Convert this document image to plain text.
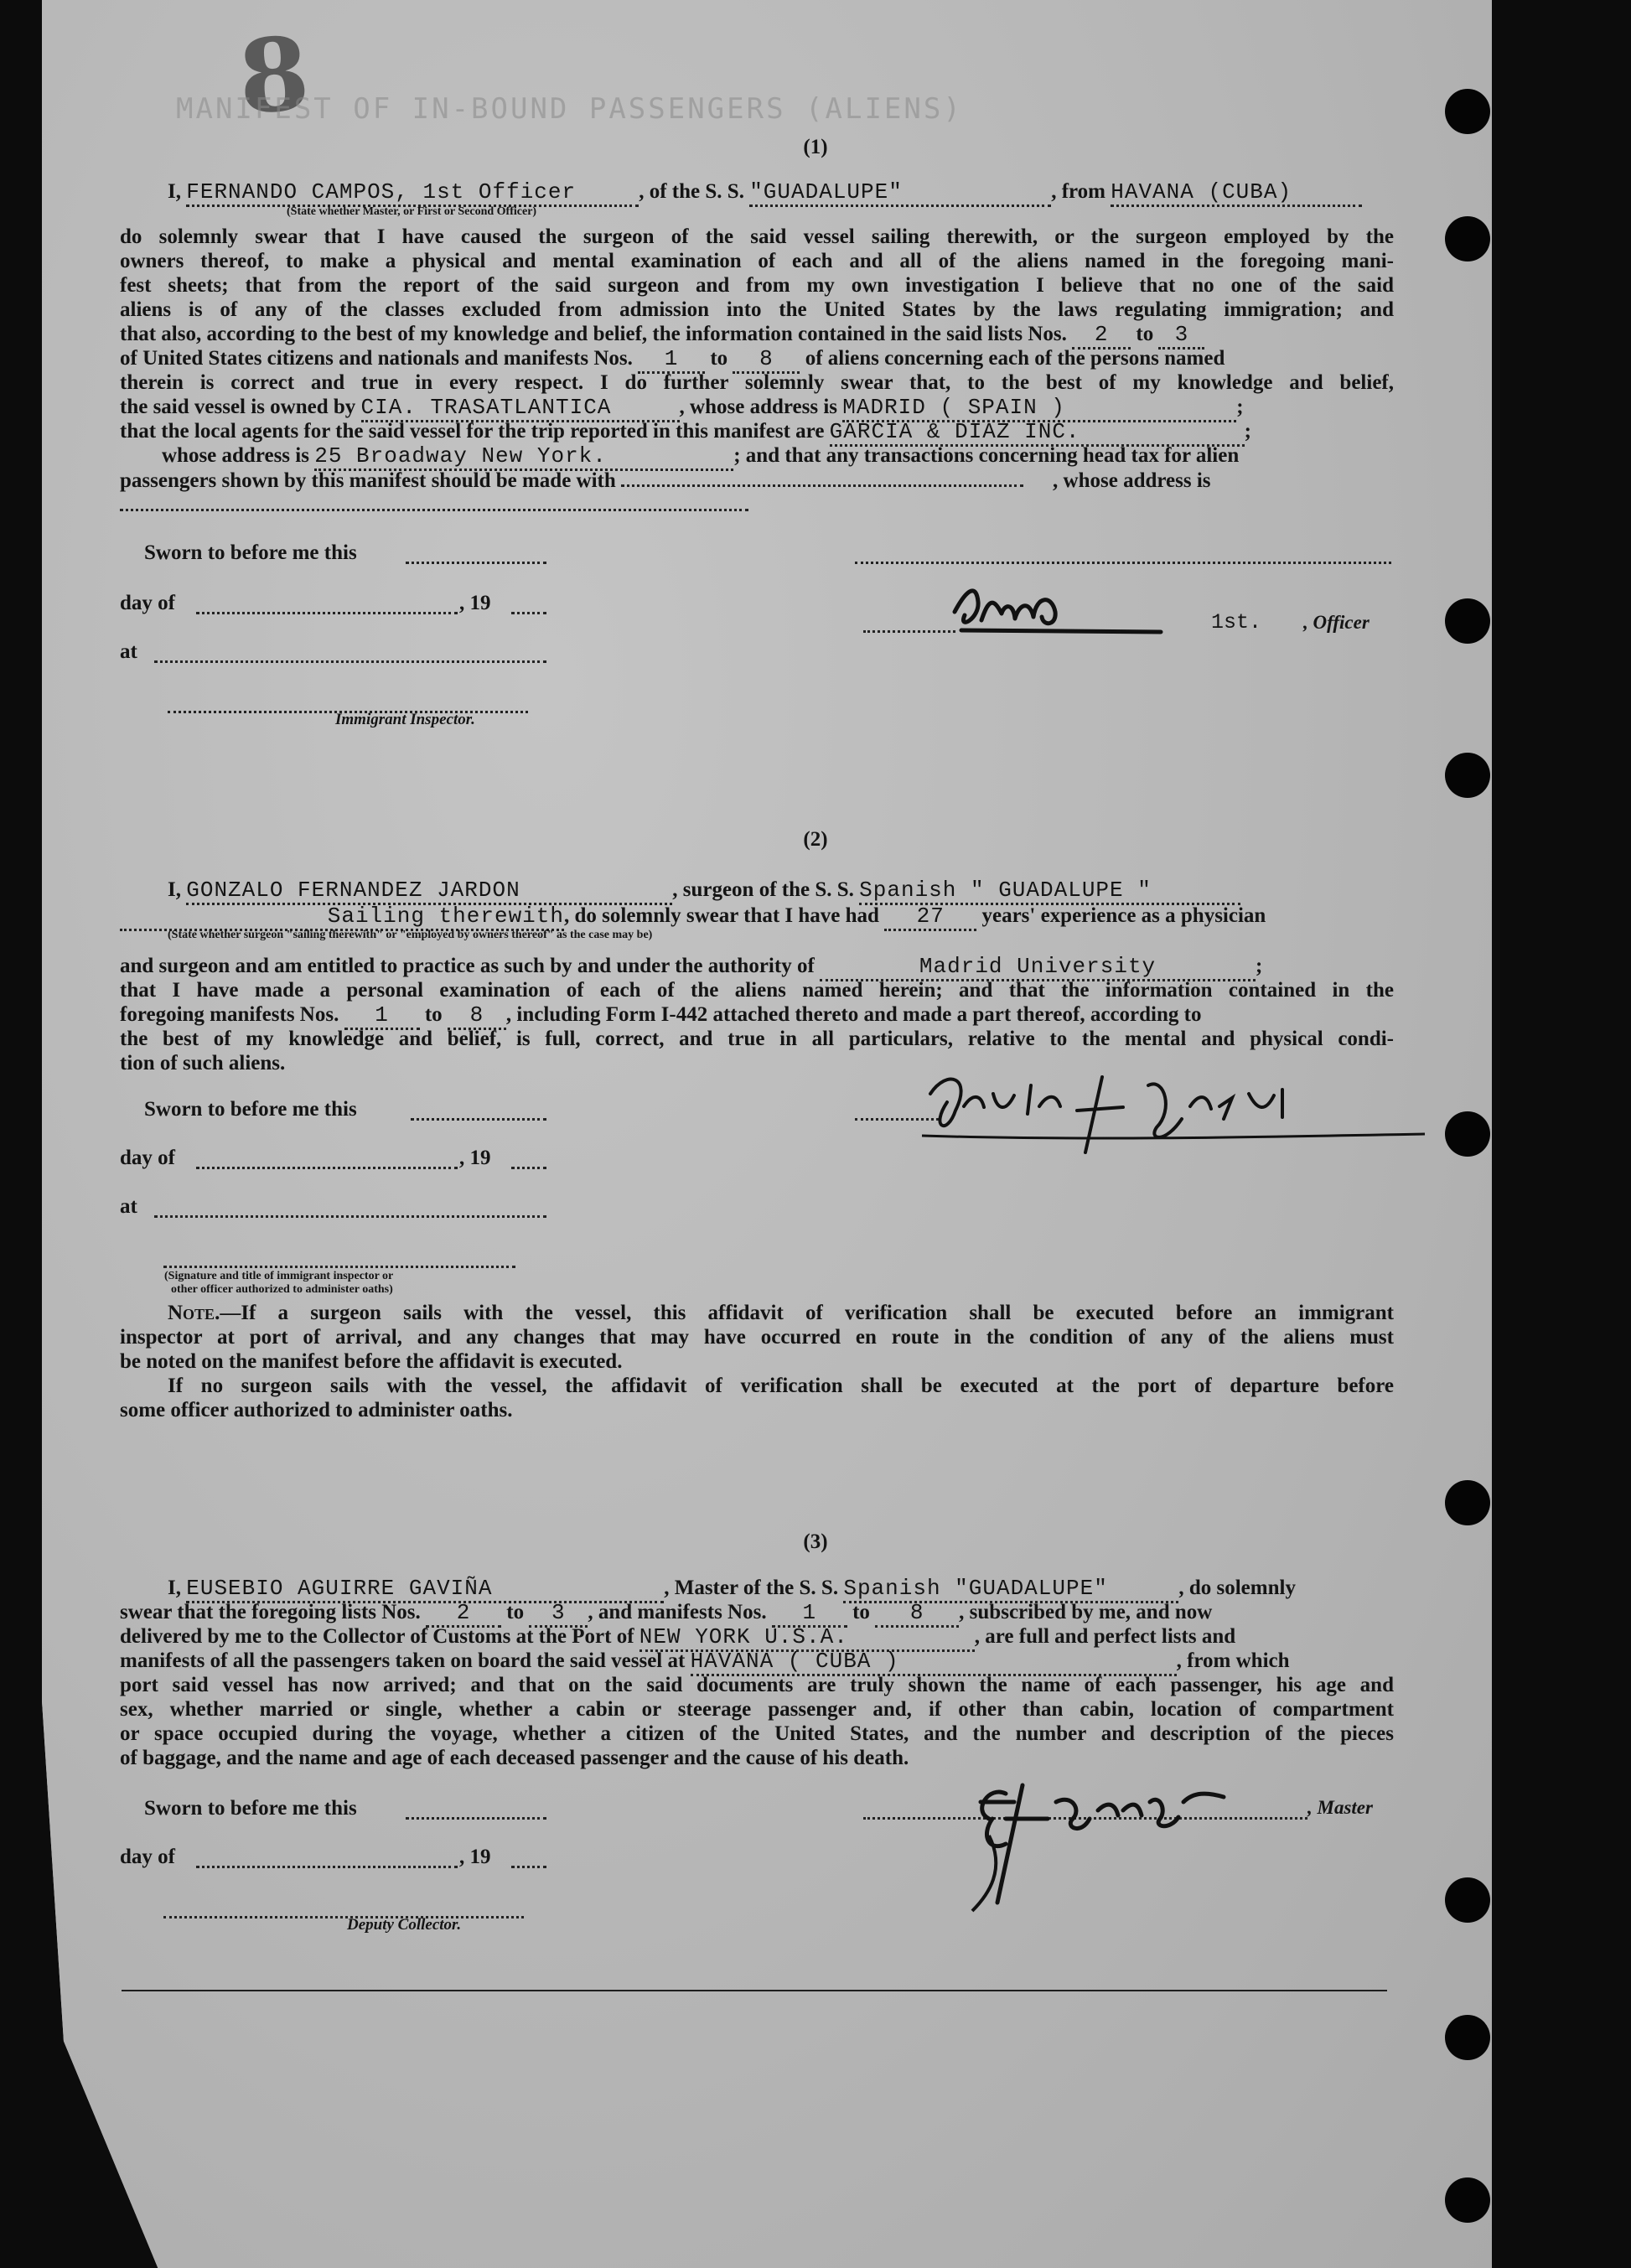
8
MANIFEST OF IN-BOUND PASSENGERS (ALIENS)
(1)
I, FERNANDO CAMPOS, 1st Officer	, of the S. S. "GUADALUPE"	, from HAVANA (CUBA)
(State whether Master, or First or Second Officer)
do solemnly swear that I have caused the surgeon of the said vessel sailing therewith, or the surgeon employed by the
owners thereof, to make a physical and mental examination of each and all of the aliens named in the foregoing mani-
fest sheets; that from the report of the said surgeon and from my own investigation I believe that no one of the said
aliens is of any of the classes excluded from admission into the United States by the laws regulating immigration; and
that also, according to the best of my knowledge and belief, the information contained in the said lists Nos. 2 to 3
of United States citizens and nationals and manifests Nos. 1 to 8 of aliens concerning each of the persons named
therein is correct and true in every respect. I do further solemnly swear that, to the best of my knowledge and belief,
the said vessel is owned by CIA. TRASATLANTICA	, whose address is MADRID ( SPAIN )	;
that the local agents for the said vessel for the trip reported in this manifest are GARCIA & DIAZ INC.	;
whose address is 25 Broadway New York.	; and that any transactions concerning head tax for alien
passengers shown by this manifest should be made with	, whose address is
Sworn to before me this
day of	, 19
at
Immigrant Inspector.
1st. , Officer
(2)
I, GONZALO FERNANDEZ JARDON	, surgeon of the S. S. Spanish " GUADALUPE "
Sailing therewith, do solemnly swear that I have had 27 years' experience as a physician
(State whether surgeon "sailing therewith" or "employed by owners thereof" as the case may be)
and surgeon and am entitled to practice as such by and under the authority of	Madrid University	;
that I have made a personal examination of each of the aliens named herein; and that the information contained in the
foregoing manifests Nos. 1 to 8 , including Form I-442 attached thereto and made a part thereof, according to
the best of my knowledge and belief, is full, correct, and true in all particulars, relative to the mental and physical condi-
tion of such aliens.
Sworn to before me this
day of	, 19
at
(Signature and title of immigrant inspector or
other officer authorized to administer oaths)
Note.—If a surgeon sails with the vessel, this affidavit of verification shall be executed before an immigrant
inspector at port of arrival, and any changes that may have occurred en route in the condition of any of the aliens must
be noted on the manifest before the affidavit is executed.
If no surgeon sails with the vessel, the affidavit of verification shall be executed at the port of departure before
some officer authorized to administer oaths.
(3)
I, EUSEBIO AGUIRRE GAVIÑA	, Master of the S. S. Spanish "GUADALUPE"	, do solemnly
swear that the foregoing lists Nos. 2 to 3 , and manifests Nos. 1 to 8 , subscribed by me, and now
delivered by me to the Collector of Customs at the Port of NEW YORK U.S.A.	, are full and perfect lists and
manifests of all the passengers taken on board the said vessel at HAVANA ( CUBA )	, from which
port said vessel has now arrived; and that on the said documents are truly shown the name of each passenger, his age and
sex, whether married or single, whether a cabin or steerage passenger and, if other than cabin, location of compartment
or space occupied during the voyage, whether a citizen of the United States, and the number and description of the pieces
of baggage, and the name and age of each deceased passenger and the cause of his death.
Sworn to before me this	, Master
day of	, 19
Deputy Collector.
